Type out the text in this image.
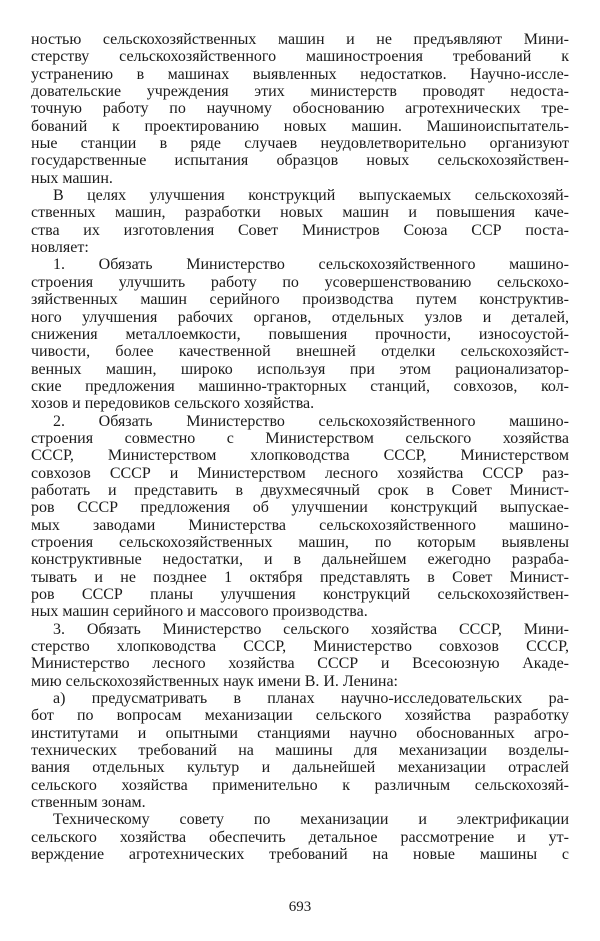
ностью сельскохозяйственных машин и не предъявляют Мини-
стерству сельскохозяйственного машиностроения требований к
устранению в машинах выявленных недостатков. Научно-иссле-
довательские учреждения этих министерств проводят недоста-
точную работу по научному обоснованию агротехнических тре-
бований к проектированию новых машин. Машиноиспытатель-
ные станции в ряде случаев неудовлетворительно организуют
государственные испытания образцов новых сельскохозяйствен-
ных машин.
В целях улучшения конструкций выпускаемых сельскохозяй-
ственных машин, разработки новых машин и повышения каче-
ства их изготовления Совет Министров Союза ССР поста-
новляет:
1. Обязать Министерство сельскохозяйственного машино-
строения улучшить работу по усовершенствованию сельскохо-
зяйственных машин серийного производства путем конструктив-
ного улучшения рабочих органов, отдельных узлов и деталей,
снижения металлоемкости, повышения прочности, износоустой-
чивости, более качественной внешней отделки сельскохозяйст-
венных машин, широко используя при этом рационализатор-
ские предложения машинно-тракторных станций, совхозов, кол-
хозов и передовиков сельского хозяйства.
2. Обязать Министерство сельскохозяйственного машино-
строения совместно с Министерством сельского хозяйства
СССР, Министерством хлопководства СССР, Министерством
совхозов СССР и Министерством лесного хозяйства СССР раз-
работать и представить в двухмесячный срок в Совет Минист-
ров СССР предложения об улучшении конструкций выпускае-
мых заводами Министерства сельскохозяйственного машино-
строения сельскохозяйственных машин, по которым выявлены
конструктивные недостатки, и в дальнейшем ежегодно разраба-
тывать и не позднее 1 октября представлять в Совет Минист-
ров СССР планы улучшения конструкций сельскохозяйствен-
ных машин серийного и массового производства.
3. Обязать Министерство сельского хозяйства СССР, Мини-
стерство хлопководства СССР, Министерство совхозов СССР,
Министерство лесного хозяйства СССР и Всесоюзную Акаде-
мию сельскохозяйственных наук имени В. И. Ленина:
а) предусматривать в планах научно-исследовательских ра-
бот по вопросам механизации сельского хозяйства разработку
институтами и опытными станциями научно обоснованных агро-
технических требований на машины для механизации возделы-
вания отдельных культур и дальнейшей механизации отраслей
сельского хозяйства применительно к различным сельскохозяй-
ственным зонам.
Техническому совету по механизации и электрификации
сельского хозяйства обеспечить детальное рассмотрение и ут-
верждение агротехнических требований на новые машины с
693
